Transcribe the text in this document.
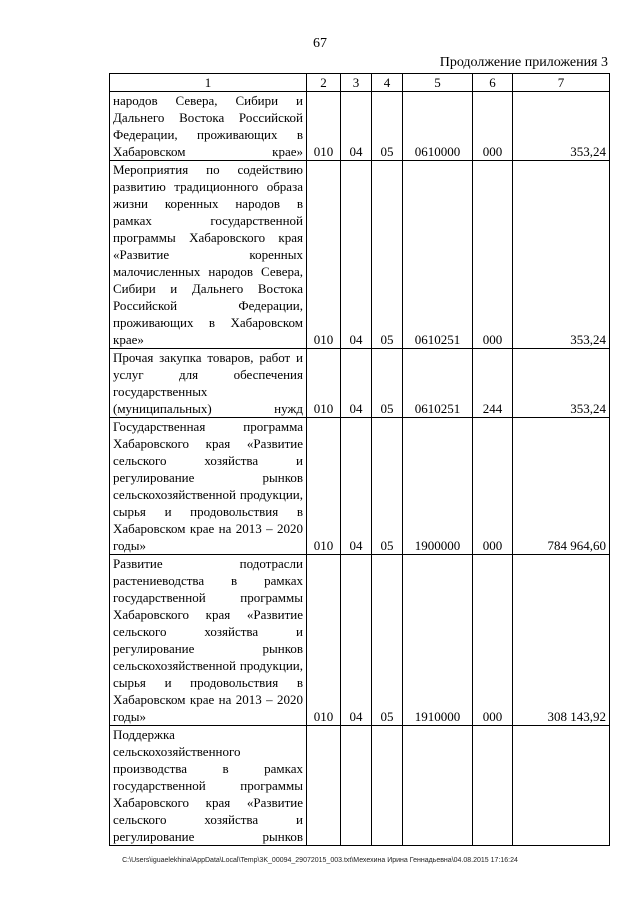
67
Продолжение приложения 3
1	2	3	4	5	6	7
народов Севера, Сибири и Дальнего Востока Российской Федерации, проживающих в Хабаровском крае»	010	04	05	0610000	000	353,24
Мероприятия по содействию развитию традиционного образа жизни коренных народов в рамках государственной программы Хабаровского края «Развитие коренных малочисленных народов Севера, Сибири и Дальнего Востока Российской Федерации, проживающих в Хабаровском крае»	010	04	05	0610251	000	353,24
Прочая закупка товаров, работ и услуг для обеспечения государственных (муниципальных) нужд	010	04	05	0610251	244	353,24
Государственная программа Хабаровского края «Развитие сельского хозяйства и регулирование рынков сельскохозяйственной продукции, сырья и продовольствия в Хабаровском крае на 2013 – 2020 годы»	010	04	05	1900000	000	784 964,60
Развитие подотрасли растениеводства в рамках государственной программы Хабаровского края «Развитие сельского хозяйства и регулирование рынков сельскохозяйственной продукции, сырья и продовольствия в Хабаровском крае на 2013 – 2020 годы»	010	04	05	1910000	000	308 143,92
Поддержка сельскохозяйственного производства в рамках государственной программы Хабаровского края «Развитие сельского хозяйства и регулирование рынков						
C:\Users\iguaelekhina\AppData\Local\Temp\3K_00094_29072015_003.txt\Мехехина Ирина Геннадьевна\04.08.2015 17:16:24
